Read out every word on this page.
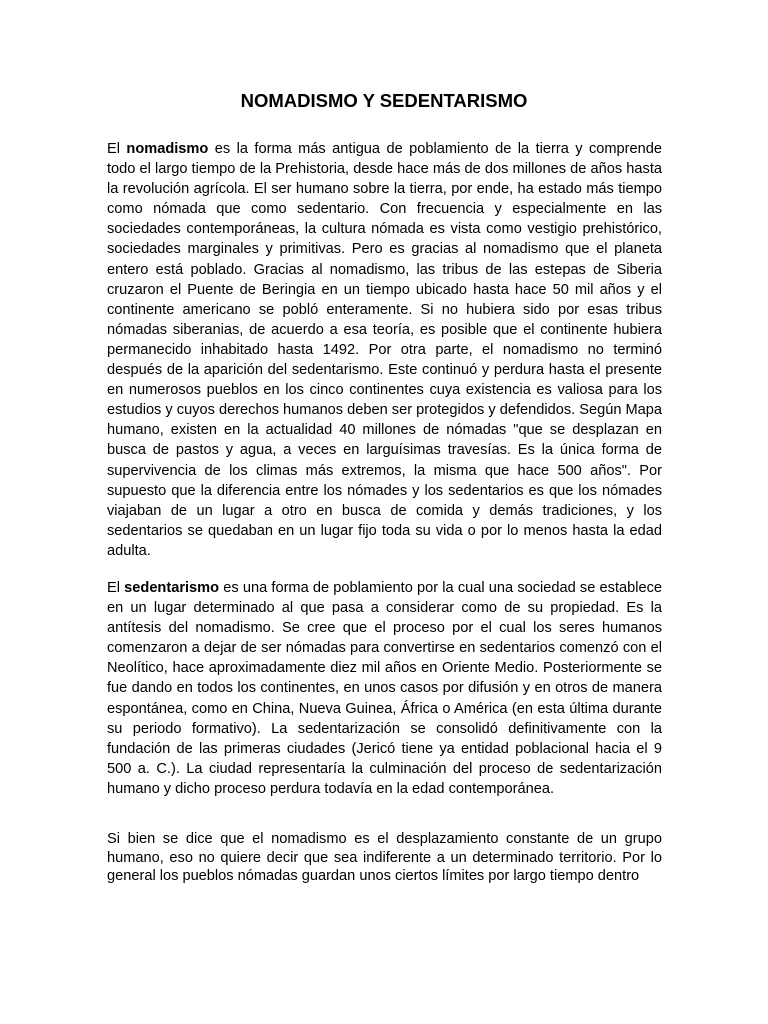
NOMADISMO Y SEDENTARISMO

El nomadismo es la forma más antigua de poblamiento de la tierra y comprende todo el largo tiempo de la Prehistoria, desde hace más de dos millones de años hasta la revolución agrícola. El ser humano sobre la tierra, por ende, ha estado más tiempo como nómada que como sedentario. Con frecuencia y especialmente en las sociedades contemporáneas, la cultura nómada es vista como vestigio prehistórico, sociedades marginales y primitivas. Pero es gracias al nomadismo que el planeta entero está poblado. Gracias al nomadismo, las tribus de las estepas de Siberia cruzaron el Puente de Beringia en un tiempo ubicado hasta hace 50 mil años y el continente americano se pobló enteramente. Si no hubiera sido por esas tribus nómadas siberanias, de acuerdo a esa teoría, es posible que el continente hubiera permanecido inhabitado hasta 1492. Por otra parte, el nomadismo no terminó después de la aparición del sedentarismo. Este continuó y perdura hasta el presente en numerosos pueblos en los cinco continentes cuya existencia es valiosa para los estudios y cuyos derechos humanos deben ser protegidos y defendidos. Según Mapa humano, existen en la actualidad 40 millones de nómadas "que se desplazan en busca de pastos y agua, a veces en larguísimas travesías. Es la única forma de supervivencia de los climas más extremos, la misma que hace 500 años". Por supuesto que la diferencia entre los nómades y los sedentarios es que los nómades viajaban de un lugar a otro en busca de comida y demás tradiciones, y los sedentarios se quedaban en un lugar fijo toda su vida o por lo menos hasta la edad adulta.

El sedentarismo es una forma de poblamiento por la cual una sociedad se establece en un lugar determinado al que pasa a considerar como de su propiedad. Es la antítesis del nomadismo. Se cree que el proceso por el cual los seres humanos comenzaron a dejar de ser nómadas para convertirse en sedentarios comenzó con el Neolítico, hace aproximadamente diez mil años en Oriente Medio. Posteriormente se fue dando en todos los continentes, en unos casos por difusión y en otros de manera espontánea, como en China, Nueva Guinea, África o América (en esta última durante su periodo formativo). La sedentarización se consolidó definitivamente con la fundación de las primeras ciudades (Jericó tiene ya entidad poblacional hacia el 9 500 a. C.). La ciudad representaría la culminación del proceso de sedentarización humano y dicho proceso perdura todavía en la edad contemporánea.

Si bien se dice que el nomadismo es el desplazamiento constante de un grupo humano, eso no quiere decir que sea indiferente a un determinado territorio. Por lo general los pueblos nómadas guardan unos ciertos límites por largo tiempo dentro
